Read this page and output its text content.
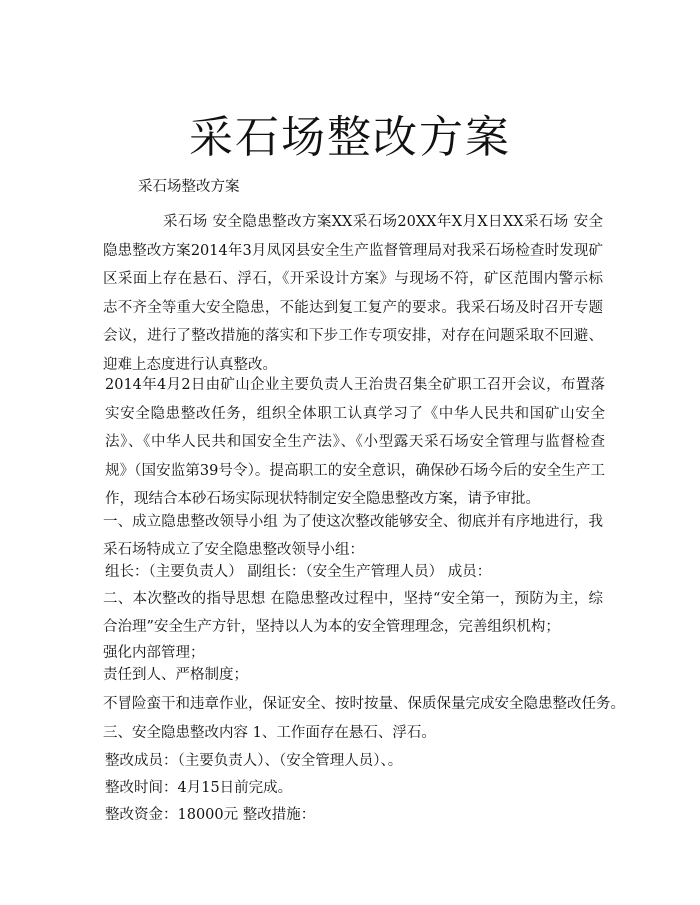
采石场整改方案
采石场整改方案
采石场 安全隐患整改方案XX采石场20XX年X月X日XX采石场 安全隐患整改方案2014年3月凤冈县安全生产监督管理局对我采石场检查时发现矿区采面上存在悬石、浮石，《开采设计方案》与现场不符，矿区范围内警示标志不齐全等重大安全隐患，不能达到复工复产的要求。我采石场及时召开专题会议，进行了整改措施的落实和下步工作专项安排，对存在问题采取不回避、迎难上态度进行认真整改。
2014年4月2日由矿山企业主要负责人王治贵召集全矿职工召开会议，布置落实安全隐患整改任务，组织全体职工认真学习了《中华人民共和国矿山安全法》、《中华人民共和国安全生产法》、《小型露天采石场安全管理与监督检查规》（国安监第39号令）。提高职工的安全意识，确保砂石场今后的安全生产工作，现结合本砂石场实际现状特制定安全隐患整改方案，请予审批。
一、成立隐患整改领导小组 为了使这次整改能够安全、彻底并有序地进行，我采石场特成立了安全隐患整改领导小组：
组长：（主要负责人） 副组长：（安全生产管理人员） 成员：
二、本次整改的指导思想 在隐患整改过程中，坚持“安全第一，预防为主，综合治理”安全生产方针，坚持以人为本的安全管理理念，完善组织机构；
强化内部管理；
责任到人、严格制度；
不冒险蛮干和违章作业，保证安全、按时按量、保质保量完成安全隐患整改任务。
三、安全隐患整改内容 1、工作面存在悬石、浮石。
整改成员：（主要负责人）、（安全管理人员）、。
整改时间：4月15日前完成。
整改资金：18000元 整改措施：
